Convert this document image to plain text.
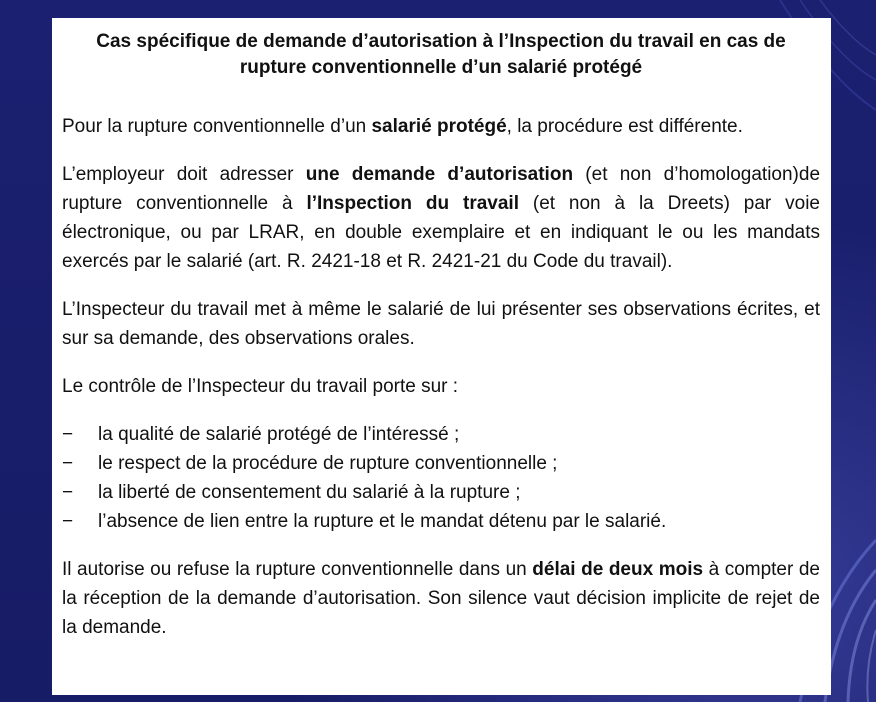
Cas spécifique de demande d’autorisation à l’Inspection du travail en cas de rupture conventionnelle d’un salarié protégé

Pour la rupture conventionnelle d’un salarié protégé, la procédure est différente.

L’employeur doit adresser une demande d’autorisation (et non d’homologation)de rupture conventionnelle à l’Inspection du travail (et non à la Dreets) par voie électronique, ou par LRAR, en double exemplaire et en indiquant le ou les mandats exercés par le salarié (art. R. 2421-18 et R. 2421-21 du Code du travail).

L’Inspecteur du travail met à même le salarié de lui présenter ses observations écrites, et sur sa demande, des observations orales.

Le contrôle de l’Inspecteur du travail porte sur :

− la qualité de salarié protégé de l’intéressé ;
− le respect de la procédure de rupture conventionnelle ;
− la liberté de consentement du salarié à la rupture ;
− l’absence de lien entre la rupture et le mandat détenu par le salarié.

Il autorise ou refuse la rupture conventionnelle dans un délai de deux mois à compter de la réception de la demande d’autorisation. Son silence vaut décision implicite de rejet de la demande.
